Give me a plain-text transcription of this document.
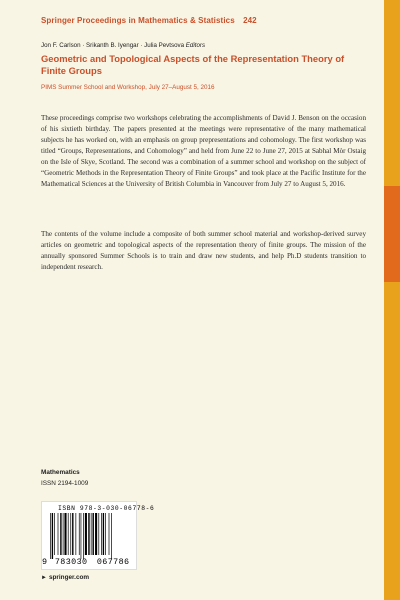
Springer Proceedings in Mathematics & Statistics 242
Jon F. Carlson · Srikanth B. Iyengar · Julia Pevtsova Editors
Geometric and Topological Aspects of the Representation Theory of Finite Groups
PIMS Summer School and Workshop, July 27–August 5, 2016

These proceedings comprise two workshops celebrating the accomplishments of David J. Benson on the occasion of his sixtieth birthday. The papers presented at the meetings were representative of the many mathematical subjects he has worked on, with an emphasis on group prepresentations and cohomology. The first workshop was titled “Groups, Representations, and Cohomology” and held from June 22 to June 27, 2015 at Sabhal Mòr Ostaig on the Isle of Skye, Scotland. The second was a combination of a summer school and workshop on the subject of “Geometric Methods in the Representation Theory of Finite Groups” and took place at the Pacific Institute for the Mathematical Sciences at the University of British Columbia in Vancouver from July 27 to August 5, 2016.

The contents of the volume include a composite of both summer school material and workshop-derived survey articles on geometric and topological aspects of the representation theory of finite groups. The mission of the annually sponsored Summer Schools is to train and draw new students, and help Ph.D students transition to independent research.

Mathematics
ISSN 2194-1009
ISBN 978-3-030-06778-6
9 783030 067786
► springer.com
